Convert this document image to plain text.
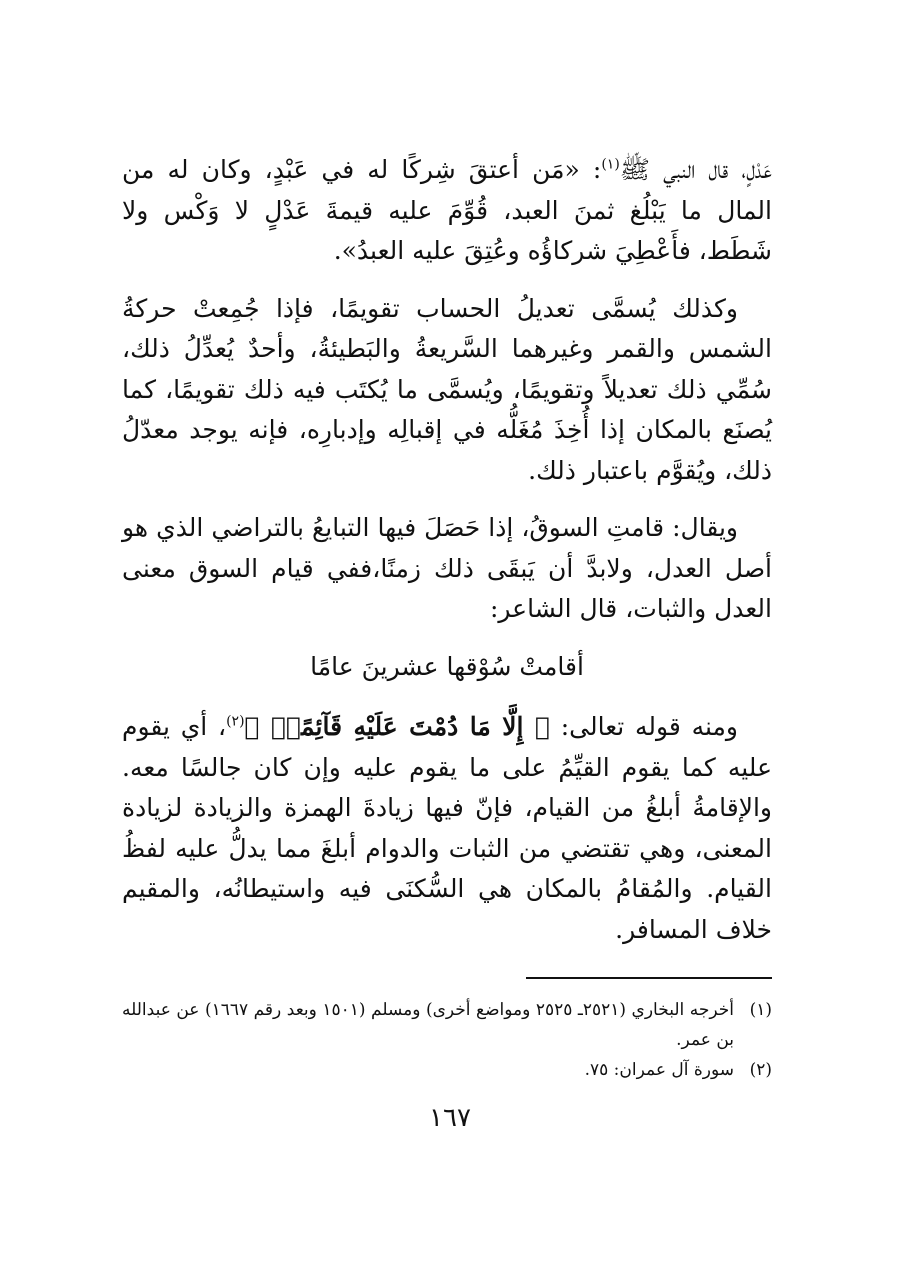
عَدْلٍ، قال النبي ﷺ$^{(١)}$: «مَن أعتقَ شِركًا له في عَبْدٍ، وكان له من المال ما يَبْلُغ ثمنَ العبد، قُوِّمَ عليه قيمةَ عَدْلٍ لا وَكْس ولا شَطَط، فأَعْطِيَ شركاؤُه وعُتِقَ عليه العبدُ».

وكذلك يُسمَّى تعديلُ الحساب تقويمًا، فإذا جُمِعتْ حركةُ الشمس والقمر وغيرهما السَّريعةُ والبَطيئةُ، وأحدٌ يُعدِّلُ ذلك، سُمِّي ذلك تعديلاً وتقويمًا، ويُسمَّى ما يُكتَب فيه ذلك تقويمًا، كما يُصنَع بالمكان إذا أُخِذَ مُغَلُّه في إقبالِه وإدبارِه، فإنه يوجد معدّلُ ذلك، ويُقوَّم باعتبار ذلك.

ويقال: قامتِ السوقُ، إذا حَصَلَ فيها التبايعُ بالتراضي الذي هو أصل العدل، ولابدَّ أن يَبقَى ذلك زمنًا،ففي قيام السوق معنى العدل والثبات، قال الشاعر:

أقامتْ سُوْقها عشرينَ عامًا

ومنه قوله تعالى: ﴿ إِلَّا مَا دُمْتَ عَلَيْهِ قَآئِمًاۗ ﴾$^{(٢)}$، أي يقوم عليه كما يقوم القيِّمُ على ما يقوم عليه وإن كان جالسًا معه. والإقامةُ أبلغُ من القيام، فإنّ فيها زيادةَ الهمزة والزيادة لزيادة المعنى، وهي تقتضي من الثبات والدوام أبلغَ مما يدلُّ عليه لفظُ القيام. والمُقامُ بالمكان هي السُّكنَى فيه واستيطانُه، والمقيم خلاف المسافر.

(١)
أخرجه البخاري (٢٥٢١ـ ٢٥٢٥ ومواضع أخرى) ومسلم (١٥٠١ وبعد رقم ١٦٦٧) عن عبدالله بن عمر.
(٢)
سورة آل عمران: ٧٥.
١٦٧
